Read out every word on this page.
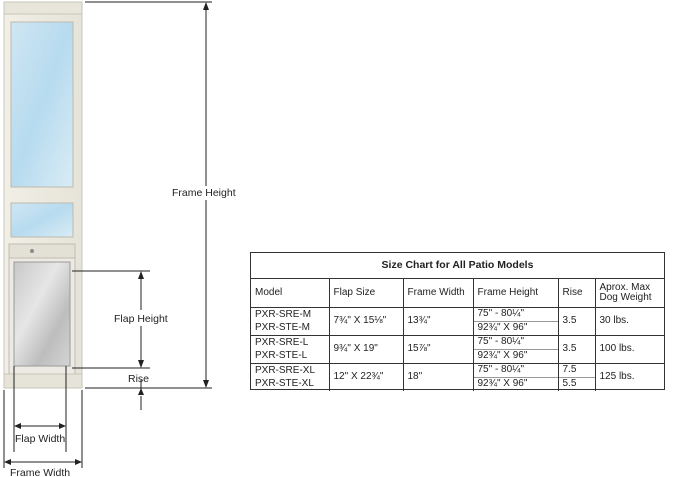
Frame Height
Flap Height
Rise
Flap Width
Frame Width
Size Chart for All Patio Models					
Model	Flap Size	Frame Width	Frame Height	Rise	Aprox. Max Dog Weight
PXR-SRE-M	7¾" X 15⅛"	13¾"	75" - 80¼"	3.5	30 lbs.
PXR-STE-M			92¾" X 96"		
PXR-SRE-L	9¾" X 19"	15⅞"	75" - 80¼"	3.5	100 lbs.
PXR-STE-L			92¾" X 96"		
PXR-SRE-XL	12" X 22¾"	18"	75" - 80¼"	7.5	125 lbs.
PXR-STE-XL			92¾" X 96"	5.5	
